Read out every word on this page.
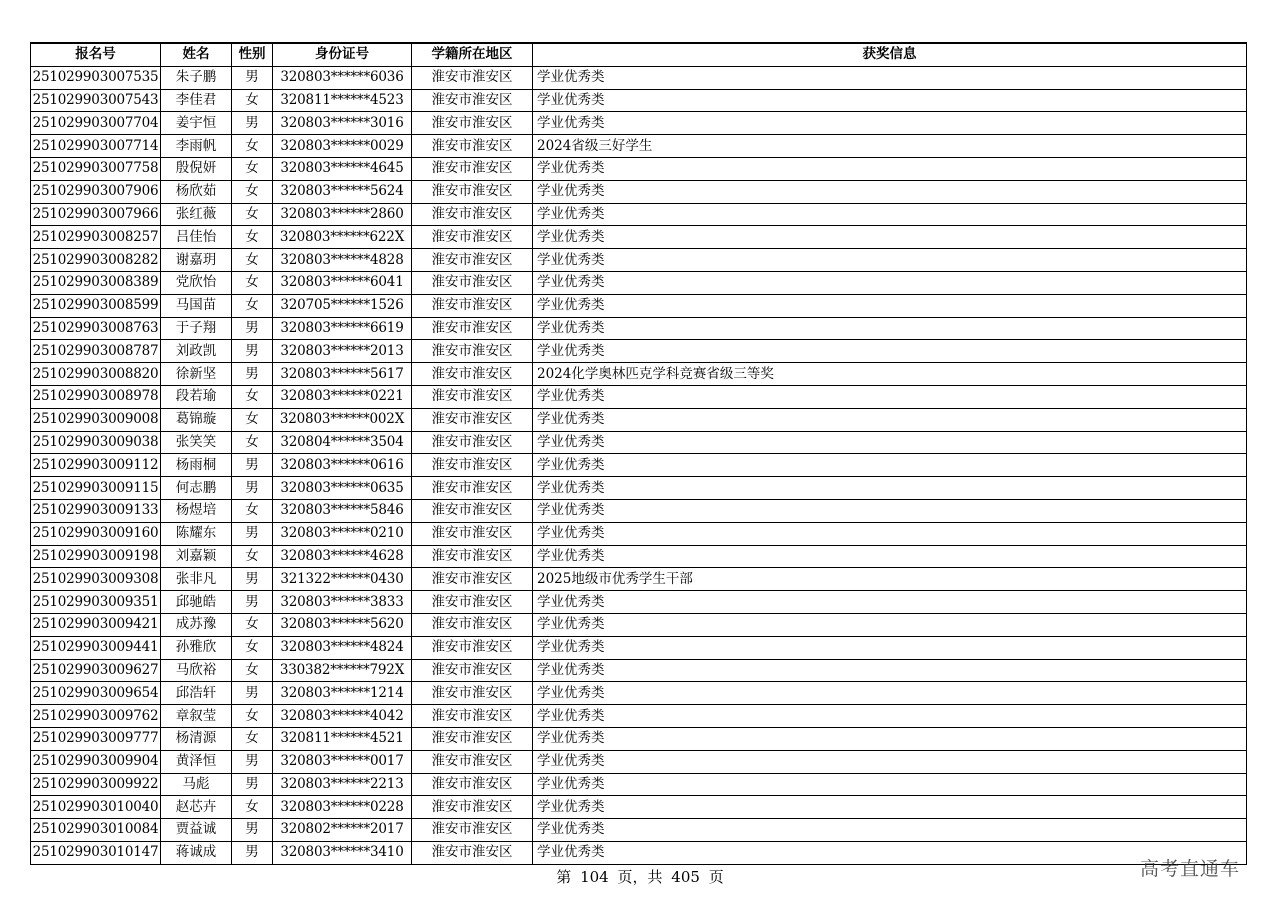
报名号	姓名	性别	身份证号	学籍所在地区	获奖信息
251029903007535	朱子鹏	男	320803******6036	淮安市淮安区	学业优秀类
251029903007543	李佳君	女	320811******4523	淮安市淮安区	学业优秀类
251029903007704	姜宇恒	男	320803******3016	淮安市淮安区	学业优秀类
251029903007714	李雨帆	女	320803******0029	淮安市淮安区	2024省级三好学生
251029903007758	殷倪妍	女	320803******4645	淮安市淮安区	学业优秀类
251029903007906	杨欣茹	女	320803******5624	淮安市淮安区	学业优秀类
251029903007966	张红薇	女	320803******2860	淮安市淮安区	学业优秀类
251029903008257	吕佳怡	女	320803******622X	淮安市淮安区	学业优秀类
251029903008282	谢嘉玥	女	320803******4828	淮安市淮安区	学业优秀类
251029903008389	党欣怡	女	320803******6041	淮安市淮安区	学业优秀类
251029903008599	马国苗	女	320705******1526	淮安市淮安区	学业优秀类
251029903008763	于子翔	男	320803******6619	淮安市淮安区	学业优秀类
251029903008787	刘政凯	男	320803******2013	淮安市淮安区	学业优秀类
251029903008820	徐新坚	男	320803******5617	淮安市淮安区	2024化学奥林匹克学科竞赛省级三等奖
251029903008978	段若瑜	女	320803******0221	淮安市淮安区	学业优秀类
251029903009008	葛锦璇	女	320803******002X	淮安市淮安区	学业优秀类
251029903009038	张笑笑	女	320804******3504	淮安市淮安区	学业优秀类
251029903009112	杨雨桐	男	320803******0616	淮安市淮安区	学业优秀类
251029903009115	何志鹏	男	320803******0635	淮安市淮安区	学业优秀类
251029903009133	杨煜培	女	320803******5846	淮安市淮安区	学业优秀类
251029903009160	陈耀东	男	320803******0210	淮安市淮安区	学业优秀类
251029903009198	刘嘉颖	女	320803******4628	淮安市淮安区	学业优秀类
251029903009308	张非凡	男	321322******0430	淮安市淮安区	2025地级市优秀学生干部
251029903009351	邱驰皓	男	320803******3833	淮安市淮安区	学业优秀类
251029903009421	成苏豫	女	320803******5620	淮安市淮安区	学业优秀类
251029903009441	孙雅欣	女	320803******4824	淮安市淮安区	学业优秀类
251029903009627	马欣裕	女	330382******792X	淮安市淮安区	学业优秀类
251029903009654	邱浩轩	男	320803******1214	淮安市淮安区	学业优秀类
251029903009762	章叙莹	女	320803******4042	淮安市淮安区	学业优秀类
251029903009777	杨清源	女	320811******4521	淮安市淮安区	学业优秀类
251029903009904	黄泽恒	男	320803******0017	淮安市淮安区	学业优秀类
251029903009922	马彪	男	320803******2213	淮安市淮安区	学业优秀类
251029903010040	赵芯卉	女	320803******0228	淮安市淮安区	学业优秀类
251029903010084	贾益诚	男	320802******2017	淮安市淮安区	学业优秀类
251029903010147	蒋诚成	男	320803******3410	淮安市淮安区	学业优秀类
第 104 页，共 405 页	高考直通车
